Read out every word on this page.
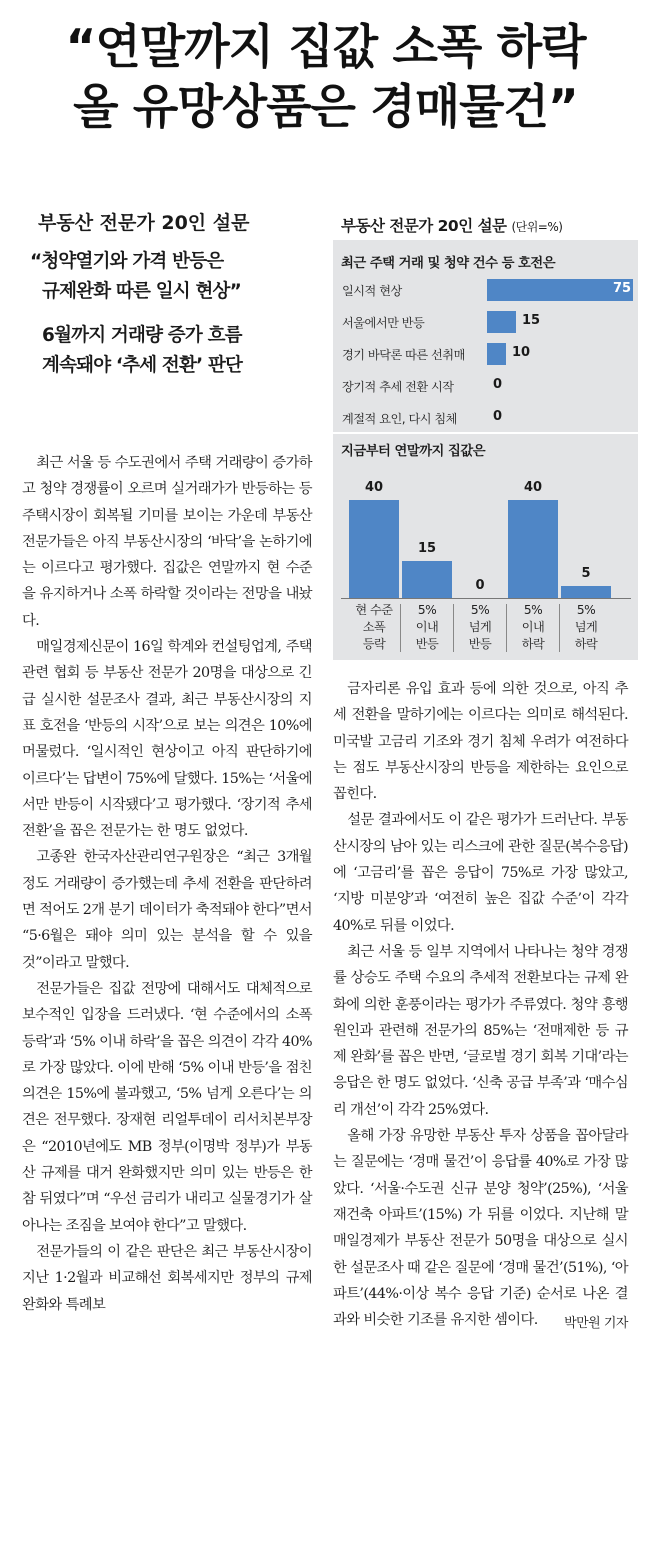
“연말까지 집값 소폭 하락
올 유망상품은 경매물건”
부동산 전문가 20인 설문
“청약열기와 가격 반등은
규제완화 따른 일시 현상”
6월까지 거래량 증가 흐름
계속돼야 ‘추세 전환’ 판단
부동산 전문가 20인 설문 (단위=%)
최근 주택 거래 및 청약 건수 등 호전은
일시적 현상	75
서울에서만 반등	15
경기 바닥론 따른 선취매	10
장기적 추세 전환 시작	0
계절적 요인, 다시 침체	0
지금부터 연말까지 집값은
40
현 수준
소폭
등락
15
5%
이내
반등
0
5%
넘게
반등
40
5%
이내
하락
5
5%
넘게
하락

최근 서울 등 수도권에서 주택 거래량이 증가하고 청약 경쟁률이 오르며 실거래가가 반등하는 등 주택시장이 회복될 기미를 보이는 가운데 부동산 전문가들은 아직 부동산시장의 ‘바닥’을 논하기에는 이르다고 평가했다. 집값은 연말까지 현 수준을 유지하거나 소폭 하락할 것이라는 전망을 내놨다.

매일경제신문이 16일 학계와 컨설팅업계, 주택 관련 협회 등 부동산 전문가 20명을 대상으로 긴급 실시한 설문조사 결과, 최근 부동산시장의 지표 호전을 ‘반등의 시작’으로 보는 의견은 10%에 머물렀다. ‘일시적인 현상이고 아직 판단하기에 이르다’는 답변이 75%에 달했다. 15%는 ‘서울에서만 반등이 시작됐다’고 평가했다. ‘장기적 추세 전환’을 꼽은 전문가는 한 명도 없었다.

고종완 한국자산관리연구원장은 “최근 3개월 정도 거래량이 증가했는데 추세 전환을 판단하려면 적어도 2개 분기 데이터가 축적돼야 한다”면서 “5·6월은 돼야 의미 있는 분석을 할 수 있을 것”이라고 말했다.

전문가들은 집값 전망에 대해서도 대체적으로 보수적인 입장을 드러냈다. ‘현 수준에서의 소폭 등락’과 ‘5% 이내 하락’을 꼽은 의견이 각각 40%로 가장 많았다. 이에 반해 ‘5% 이내 반등’을 점친 의견은 15%에 불과했고, ‘5% 넘게 오른다’는 의견은 전무했다. 장재현 리얼투데이 리서치본부장은 “2010년에도 MB 정부(이명박 정부)가 부동산 규제를 대거 완화했지만 의미 있는 반등은 한참 뒤였다”며 “우선 금리가 내리고 실물경기가 살아나는 조짐을 보여야 한다”고 말했다.

전문가들의 이 같은 판단은 최근 부동산시장이 지난 1·2월과 비교해선 회복세지만 정부의 규제 완화와 특례보

금자리론 유입 효과 등에 의한 것으로, 아직 추세 전환을 말하기에는 이르다는 의미로 해석된다. 미국발 고금리 기조와 경기 침체 우려가 여전하다는 점도 부동산시장의 반등을 제한하는 요인으로 꼽힌다.

설문 결과에서도 이 같은 평가가 드러난다. 부동산시장의 남아 있는 리스크에 관한 질문(복수응답)에 ‘고금리’를 꼽은 응답이 75%로 가장 많았고, ‘지방 미분양’과 ‘여전히 높은 집값 수준’이 각각 40%로 뒤를 이었다.

최근 서울 등 일부 지역에서 나타나는 청약 경쟁률 상승도 주택 수요의 추세적 전환보다는 규제 완화에 의한 훈풍이라는 평가가 주류였다. 청약 흥행 원인과 관련해 전문가의 85%는 ‘전매제한 등 규제 완화’를 꼽은 반면, ‘글로벌 경기 회복 기대’라는 응답은 한 명도 없었다. ‘신축 공급 부족’과 ‘매수심리 개선’이 각각 25%였다.

올해 가장 유망한 부동산 투자 상품을 꼽아달라는 질문에는 ‘경매 물건’이 응답률 40%로 가장 많았다. ‘서울·수도권 신규 분양 청약’(25%), ‘서울 재건축 아파트’(15%) 가 뒤를 이었다. 지난해 말 매일경제가 부동산 전문가 50명을 대상으로 실시한 설문조사 때 같은 질문에 ‘경매 물건’(51%), ‘아파트’(44%·이상 복수 응답 기준) 순서로 나온 결과와 비슷한 기조를 유지한 셈이다.	박만원 기자
